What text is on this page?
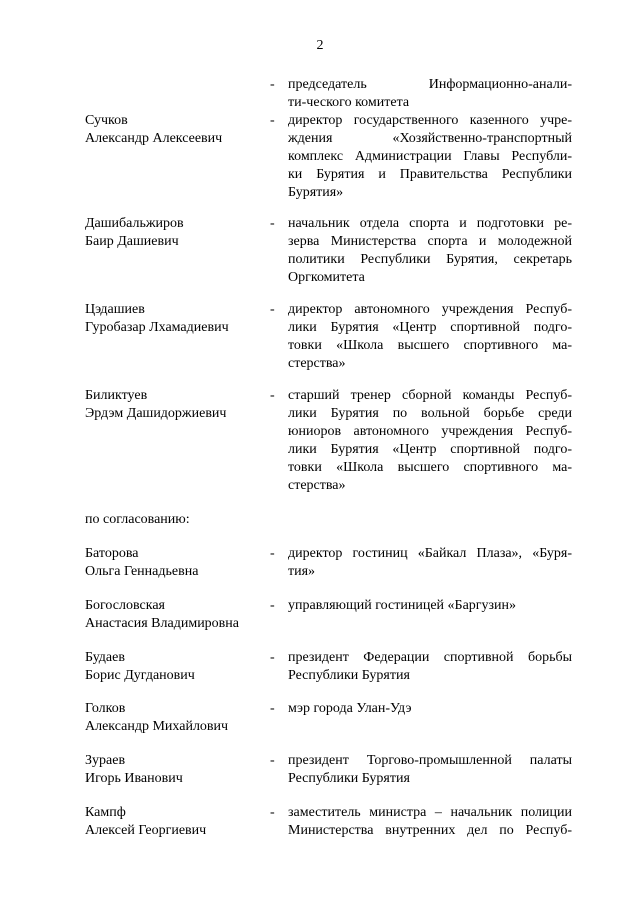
2
- председатель Информационно-анали-
ти-ческого комитета
Сучков
Александр Алексеевич
- директор государственного казенного учре-
ждения «Хозяйственно-транспортный
комплекс Администрации Главы Республи-
ки Бурятия и Правительства Республики
Бурятия»
Дашибальжиров
Баир Дашиевич
- начальник отдела спорта и подготовки ре-
зерва Министерства спорта и молодежной
политики Республики Бурятия, секретарь
Оргкомитета
Цэдашиев
Гуробазар Лхамадиевич
- директор автономного учреждения Респуб-
лики Бурятия «Центр спортивной подго-
товки «Школа высшего спортивного ма-
стерства»
Биликтуев
Эрдэм Дашидоржиевич
- старший тренер сборной команды Респуб-
лики Бурятия по вольной борьбе среди
юниоров автономного учреждения Респуб-
лики Бурятия «Центр спортивной подго-
товки «Школа высшего спортивного ма-
стерства»
по согласованию:
Баторова
Ольга Геннадьевна
- директор гостиниц «Байкал Плаза», «Буря-
тия»
Богословская
Анастасия Владимировна
- управляющий гостиницей «Баргузин»
Будаев
Борис Дугданович
- президент Федерации спортивной борьбы
Республики Бурятия
Голков
Александр Михайлович
- мэр города Улан-Удэ
Зураев
Игорь Иванович
- президент Торгово-промышленной палаты
Республики Бурятия
Кампф
Алексей Георгиевич
- заместитель министра – начальник полиции
Министерства внутренних дел по Респуб-
